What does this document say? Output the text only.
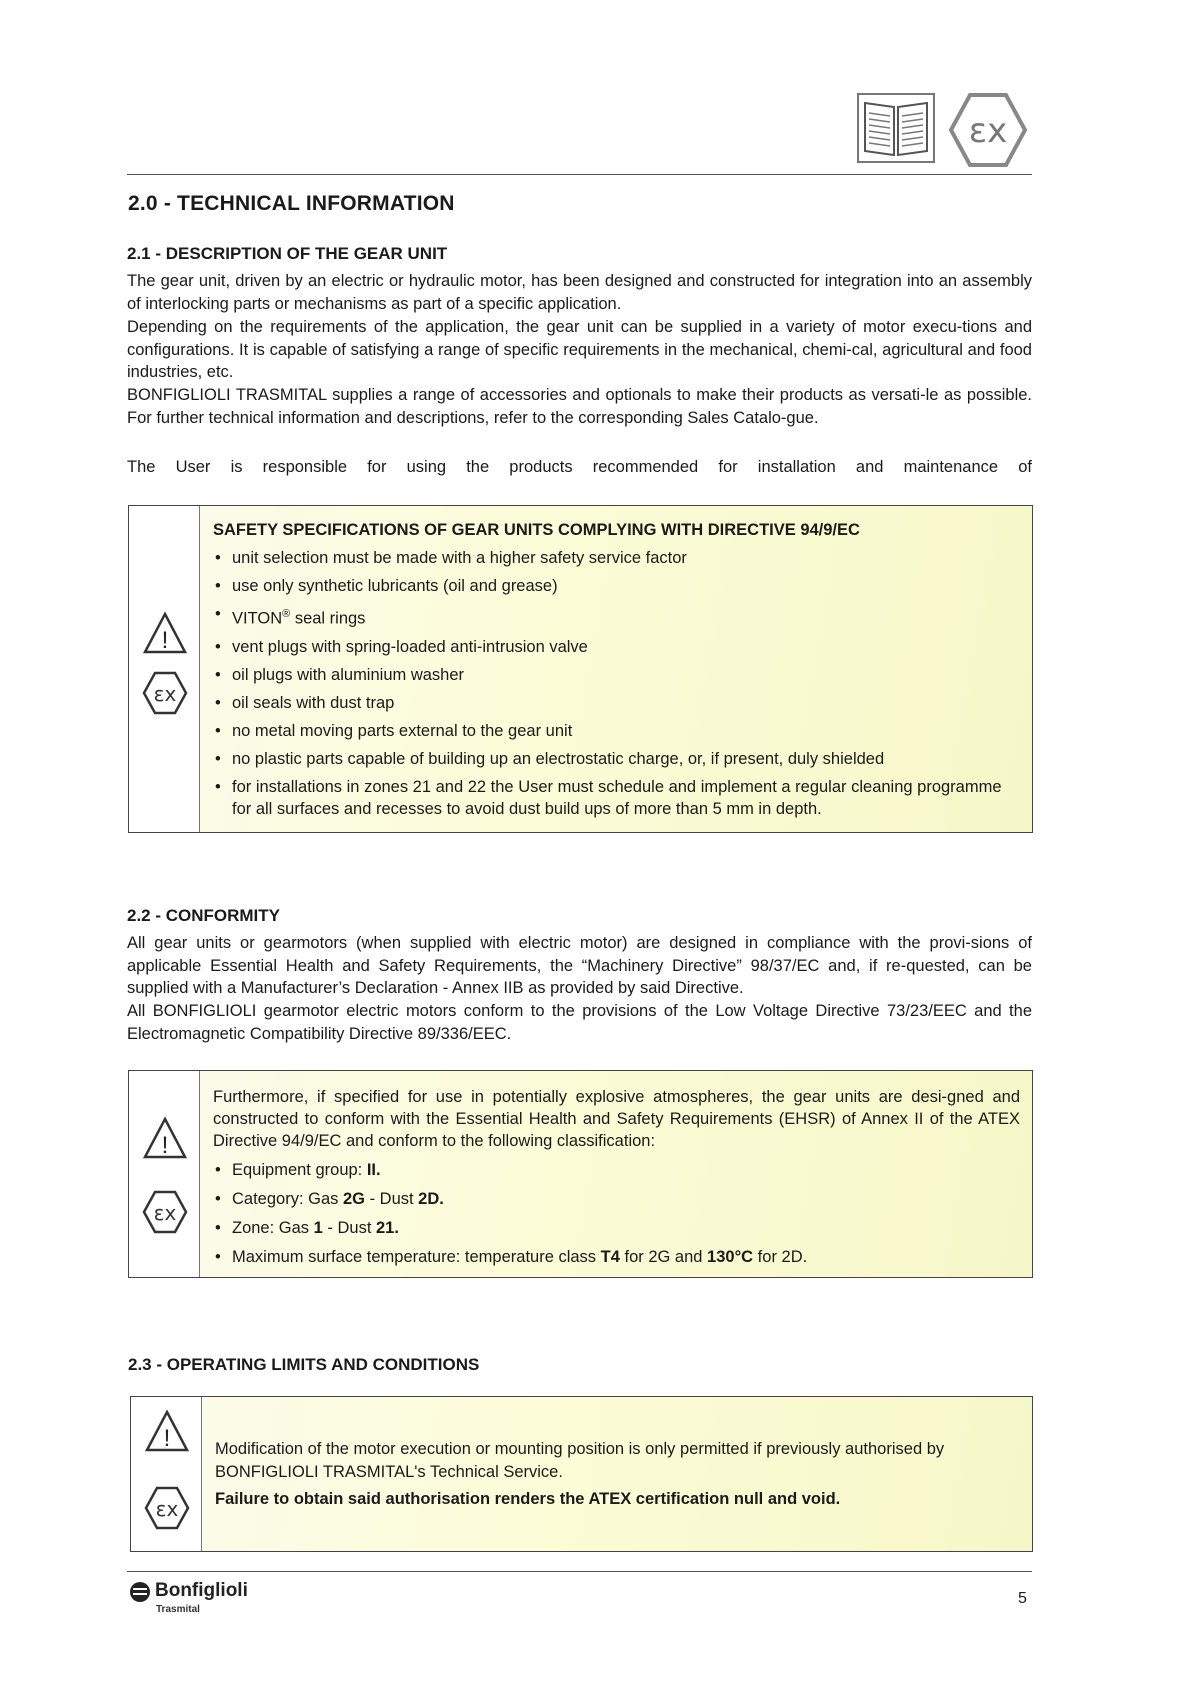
εx
2.0 - TECHNICAL INFORMATION
2.1 - DESCRIPTION OF THE GEAR UNIT

The gear unit, driven by an electric or hydraulic motor, has been designed and constructed for integration into an assembly of interlocking parts or mechanisms as part of a specific application.

Depending on the requirements of the application, the gear unit can be supplied in a variety of motor execu-tions and configurations. It is capable of satisfying a range of specific requirements in the mechanical, chemi-cal, agricultural and food industries, etc.

BONFIGLIOLI TRASMITAL supplies a range of accessories and optionals to make their products as versati-le as possible. For further technical information and descriptions, refer to the corresponding Sales Catalo-gue.

The User is responsible for using the products recommended for installation and maintenance of

!
εx
SAFETY SPECIFICATIONS OF GEAR UNITS COMPLYING WITH DIRECTIVE 94/9/EC
• unit selection must be made with a higher safety service factor
• use only synthetic lubricants (oil and grease)
• VITON® seal rings
• vent plugs with spring-loaded anti-intrusion valve
• oil plugs with aluminium washer
• oil seals with dust trap
• no metal moving parts external to the gear unit
• no plastic parts capable of building up an electrostatic charge, or, if present, duly shielded
• for installations in zones 21 and 22 the User must schedule and implement a regular cleaning programme for all surfaces and recesses to avoid dust build ups of more than 5 mm in depth.
2.2 - CONFORMITY

All gear units or gearmotors (when supplied with electric motor) are designed in compliance with the provi-sions of applicable Essential Health and Safety Requirements, the “Machinery Directive” 98/37/EC and, if re-quested, can be supplied with a Manufacturer’s Declaration - Annex IIB as provided by said Directive.

All BONFIGLIOLI gearmotor electric motors conform to the provisions of the Low Voltage Directive 73/23/EEC and the Electromagnetic Compatibility Directive 89/336/EEC.

!
εx
Furthermore, if specified for use in potentially explosive atmospheres, the gear units are desi-gned and constructed to conform with the Essential Health and Safety Requirements (EHSR) of Annex II of the ATEX Directive 94/9/EC and conform to the following classification:
• Equipment group: II.
• Category: Gas 2G - Dust 2D.
• Zone: Gas 1 - Dust 21.
• Maximum surface temperature: temperature class T4 for 2G and 130°C for 2D.
2.3 - OPERATING LIMITS AND CONDITIONS
!
εx
Modification of the motor execution or mounting position is only permitted if previously authorised by BONFIGLIOLI TRASMITAL's Technical Service.
Failure to obtain said authorisation renders the ATEX certification null and void.
Bonfiglioli
Trasmital
5
